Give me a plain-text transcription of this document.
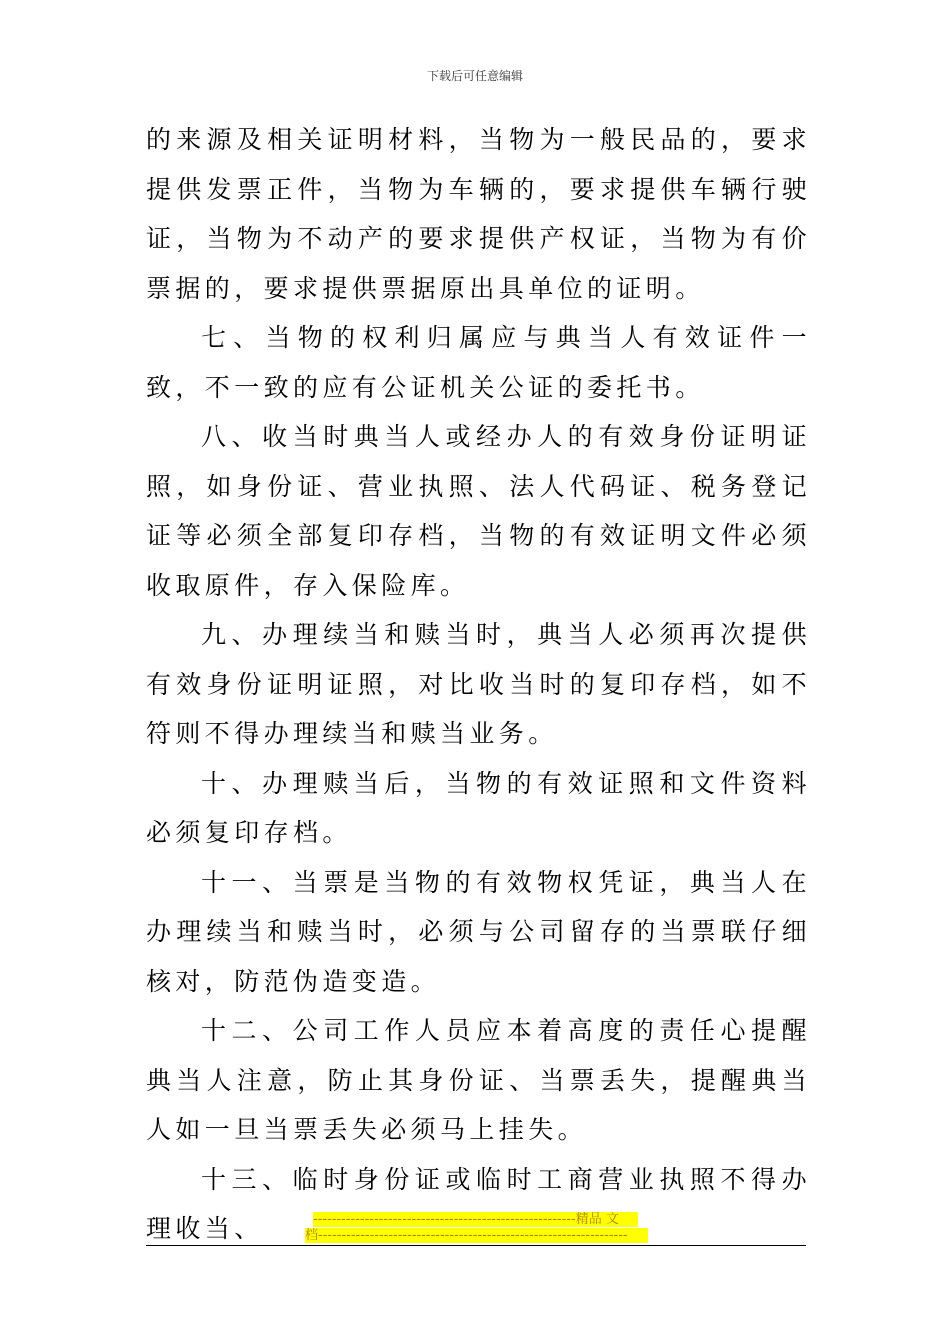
下载后可任意编辑

的来源及相关证明材料，当物为一般民品的，要求提供发票正件，当物为车辆的，要求提供车辆行驶证，当物为不动产的要求提供产权证，当物为有价票据的，要求提供票据原出具单位的证明。

七、当物的权利归属应与典当人有效证件一致，不一致的应有公证机关公证的委托书。

八、收当时典当人或经办人的有效身份证明证照，如身份证、营业执照、法人代码证、税务登记证等必须全部复印存档，当物的有效证明文件必须收取原件，存入保险库。

九、办理续当和赎当时，典当人必须再次提供有效身份证明证照，对比收当时的复印存档，如不符则不得办理续当和赎当业务。

十、办理赎当后，当物的有效证照和文件资料必须复印存档。

十一、当票是当物的有效物权凭证，典当人在办理续当和赎当时，必须与公司留存的当票联仔细核对，防范伪造变造。

十二、公司工作人员应本着高度的责任心提醒典当人注意，防止其身份证、当票丢失，提醒典当人如一旦当票丢失必须马上挂失。

十三、临时身份证或临时工商营业执照不得办理收当、	--------------------------------------------------------精品 文
档------------------------------------------------------------------
